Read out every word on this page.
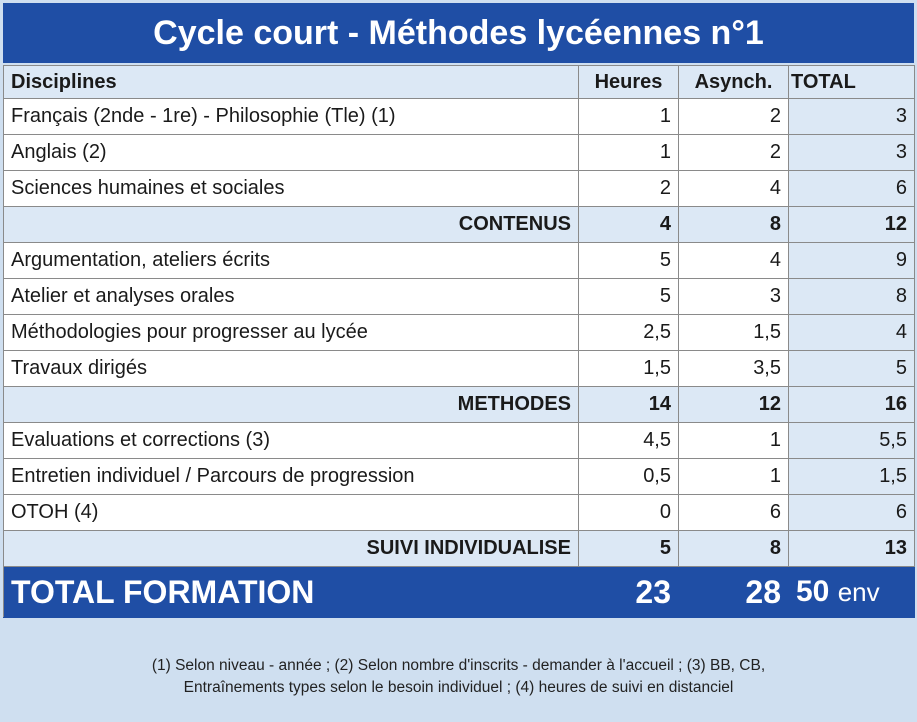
Cycle court - Méthodes lycéennes n°1
Disciplines	Heures	Asynch.	TOTAL
Français (2nde - 1re) - Philosophie (Tle) (1)	1	2	3
Anglais (2)	1	2	3
Sciences humaines et sociales	2	4	6
CONTENUS	4	8	12
Argumentation, ateliers écrits	5	4	9
Atelier et analyses orales	5	3	8
Méthodologies pour progresser au lycée	2,5	1,5	4
Travaux dirigés	1,5	3,5	5
METHODES	14	12	16
Evaluations et corrections (3)	4,5	1	5,5
Entretien individuel / Parcours de progression	0,5	1	1,5
OTOH (4)	0	6	6
SUIVI INDIVIDUALISE	5	8	13
TOTAL FORMATION	23	28	50 env
(1) Selon niveau - année ; (2) Selon nombre d'inscrits - demander à l'accueil ; (3) BB, CB,
Entraînements types selon le besoin individuel ; (4) heures de suivi en distanciel
